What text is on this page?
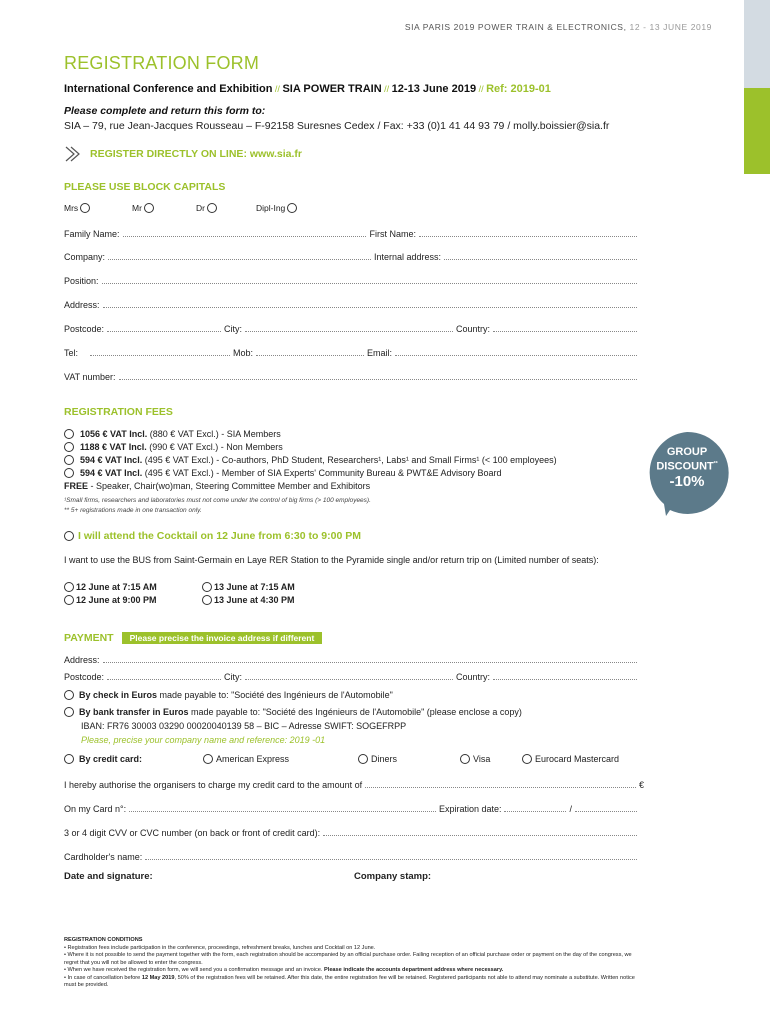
SIA PARIS 2019 POWER TRAIN & ELECTRONICS, 12 - 13 JUNE 2019
REGISTRATION FORM
International Conference and Exhibition // SIA POWER TRAIN // 12-13 June 2019 // Ref: 2019-01
Please complete and return this form to:
SIA – 79, rue Jean-Jacques Rousseau – F-92158 Suresnes Cedex / Fax: +33 (0)1 41 44 93 79 / molly.boissier@sia.fr
REGISTER DIRECTLY ON LINE: www.sia.fr
PLEASE USE BLOCK CAPITALS
Mrs	Mr	Dr	Dipl-Ing
Family Name:	First Name:
Company:	Internal address:
Position:
Address:
Postcode:	City:	Country:
Tel:	Mob:	Email:
VAT number:
REGISTRATION FEES
1056 € VAT Incl. (880 € VAT Excl.) - SIA Members
1188 € VAT Incl. (990 € VAT Excl.) - Non Members
594 € VAT Incl. (495 € VAT Excl.) - Co-authors, PhD Student, Researchers¹, Labs¹ and Small Firms¹ (< 100 employees)
594 € VAT Incl. (495 € VAT Excl.) - Member of SIA Experts' Community Bureau & PWT&E Advisory Board
FREE - Speaker, Chair(wo)man, Steering Committee Member and Exhibitors
¹Small firms, researchers and laboratories must not come under the control of big firms (> 100 employees).
** 5+ registrations made in one transaction only.
GROUP
DISCOUNT**
-10%
I will attend the Cocktail on 12 June from 6:30 to 9:00 PM
I want to use the BUS from Saint-Germain en Laye RER Station to the Pyramide single and/or return trip on (Limited number of seats):
12 June at 7:15 AM	13 June at 7:15 AM
12 June at 9:00 PM	13 June at 4:30 PM
PAYMENT	Please precise the invoice address if different
Address:
Postcode:	City:	Country:
By check in Euros made payable to: "Société des Ingénieurs de l'Automobile"
By bank transfer in Euros made payable to: "Société des Ingénieurs de l'Automobile" (please enclose a copy)
IBAN: FR76 30003 03290 00020040139 58 – BIC – Adresse SWIFT: SOGEFRPP
Please, precise your company name and reference: 2019 -01
By credit card:	American Express	Diners	Visa	Eurocard Mastercard
I hereby authorise the organisers to charge my credit card to the amount of	€
On my Card n°:	Expiration date:	/
3 or 4 digit CVV or CVC number (on back or front of credit card):
Cardholder's name:
Date and signature:	Company stamp:
REGISTRATION CONDITIONS
• Registration fees include participation in the conference, proceedings, refreshment breaks, lunches and Cocktail on 12 June.
• Where it is not possible to send the payment together with the form, each registration should be accompanied by an official purchase order. Failing reception of an official purchase order or payment on the day of the congress, we regret that you will not be allowed to enter the congress.
• When we have received the registration form, we will send you a confirmation message and an invoice. Please indicate the accounts department address where necessary.
• In case of cancellation before 12 May 2019, 50% of the registration fees will be retained. After this date, the entire registration fee will be retained. Registered participants not able to attend may nominate a substitute. Written notice must be provided.
